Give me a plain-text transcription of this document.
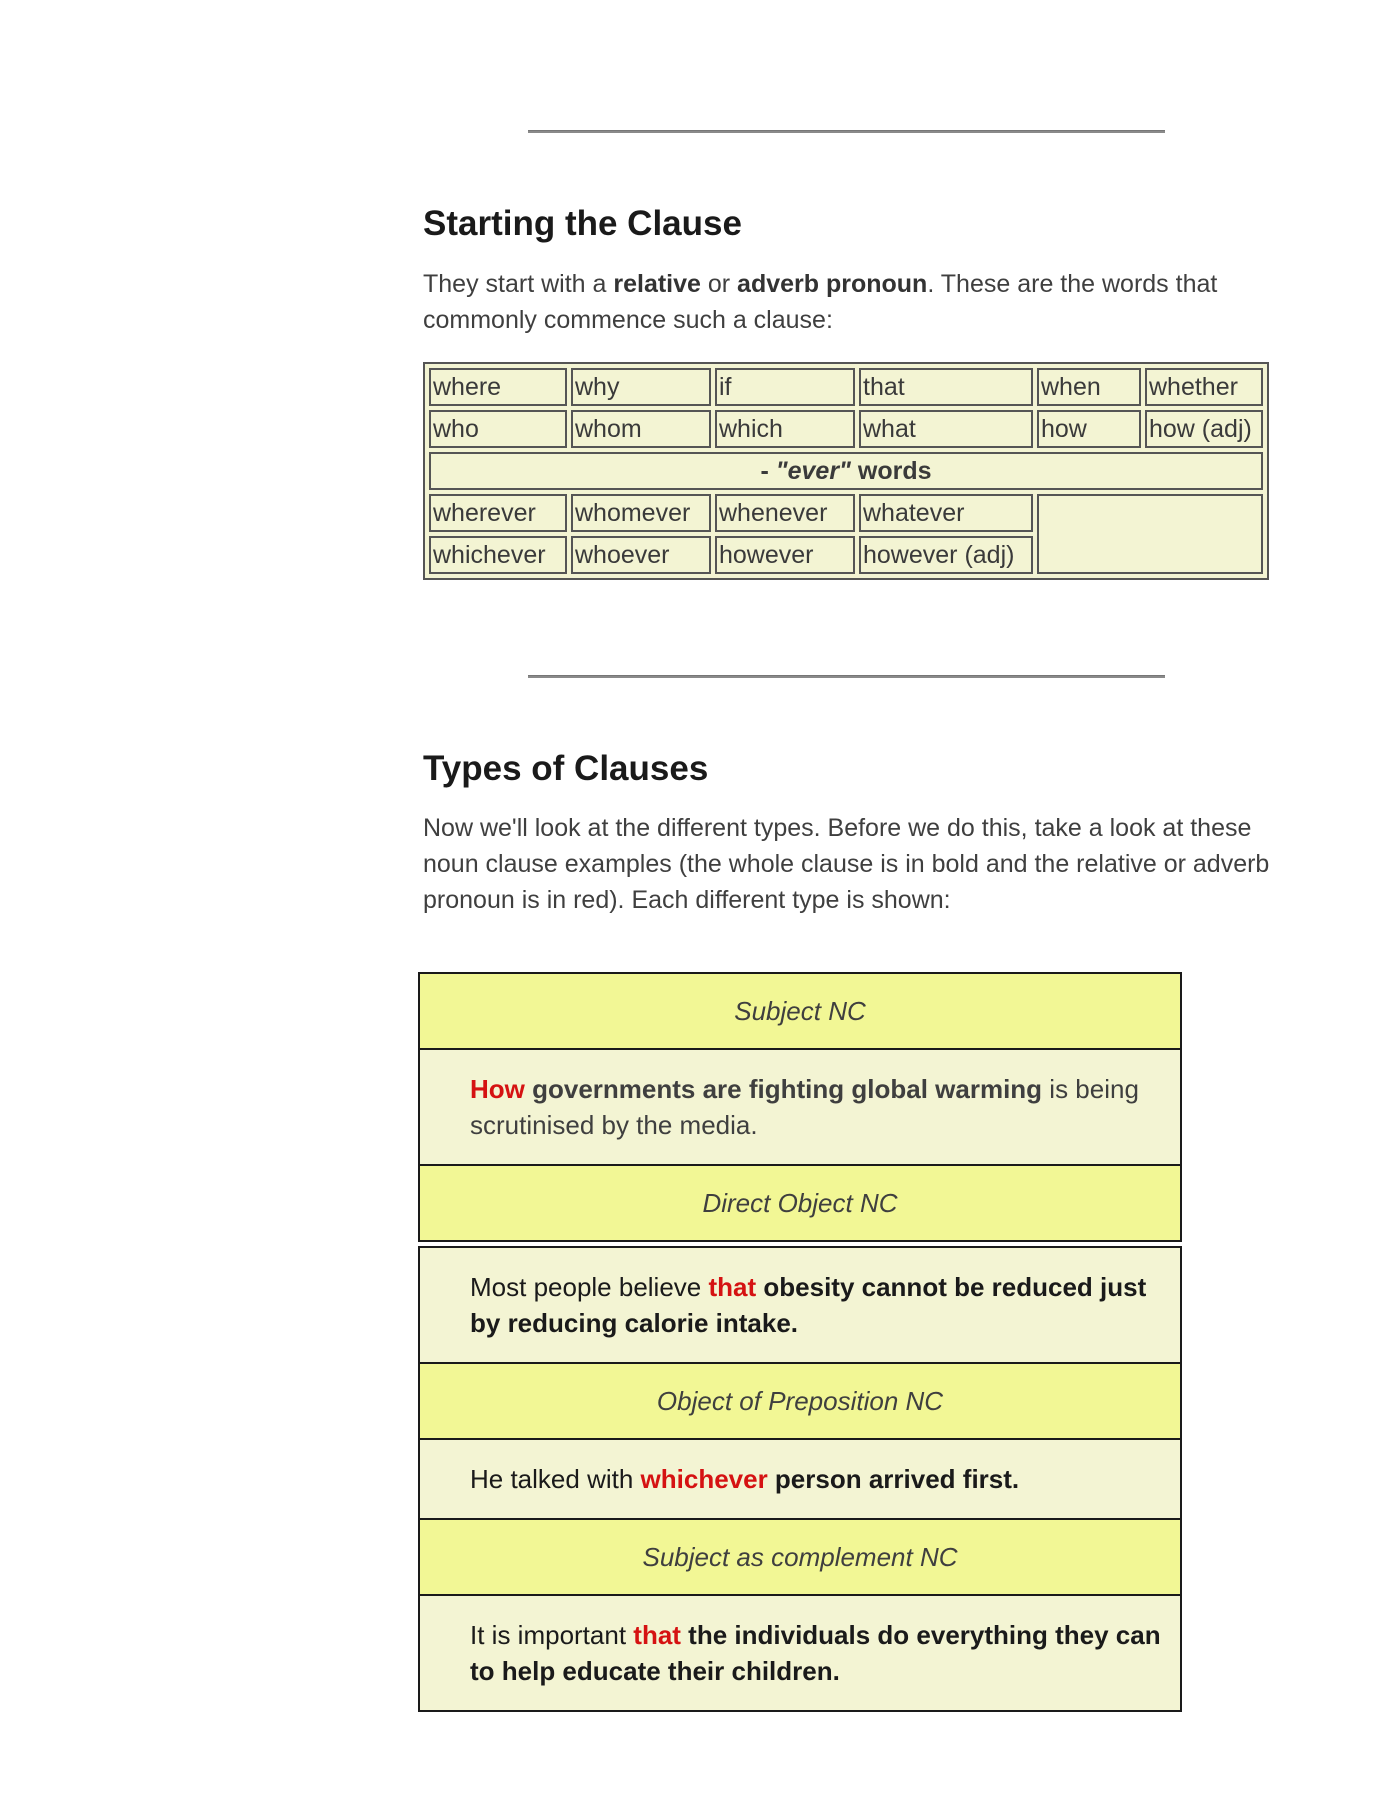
Starting the Clause

They start with a relative or adverb pronoun. These are the words that commonly commence such a clause:

where	why	if	that	when	whether
who	whom	which	what	how	how (adj)
- "ever" words					
wherever	whomever	whenever	whatever		
whichever	whoever	however	however (adj)		
Types of Clauses

Now we'll look at the different types. Before we do this, take a look at these noun clause examples (the whole clause is in bold and the relative or adverb pronoun is in red). Each different type is shown:

Subject NC
How governments are fighting global warming is being scrutinised by the media.
Direct Object NC
Most people believe that obesity cannot be reduced just by reducing calorie intake.
Object of Preposition NC
He talked with whichever person arrived first.
Subject as complement NC
It is important that the individuals do everything they can to help educate their children.
